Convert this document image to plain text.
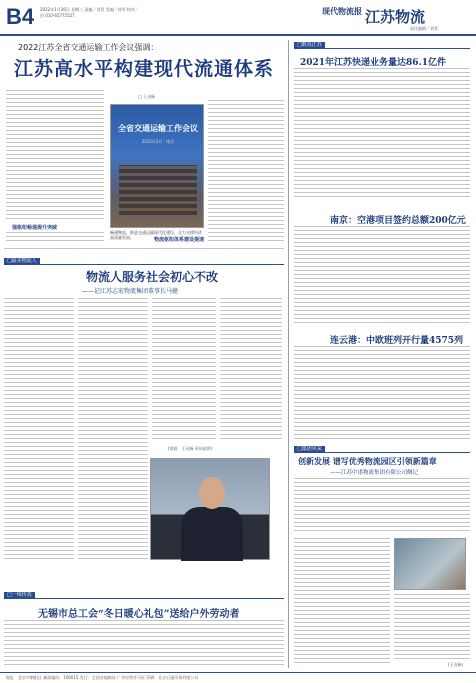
B4 2022年1月26日 星期三 责编／刘青 美编／郭雪 校对／田 010-65775527	现代物流报 江苏物流
责任编辑／刘青
2022江苏全省交通运输工作会议强调：
江苏高水平构建现代流通体系
□ 王戎畅
全省交通运输工作会议
2022年1月 · 南京
畅通物流，推进交通运输现代化建设，全力支撑经济高质量发展。
强枢纽畅通提升突破
物流枢纽体系建设提速
□最美物流人
物流人服务社会初心不改
——记江苏志宏物流集团董事长马健
(图源：王戎畅 资讯提供)
□一线传真
无锡市总工会“冬日暖心礼包”送给户外劳动者
□数说江苏
2021年江苏快递业务量达86.1亿件
南京：空港项目签约总额200亿元
连云港：中欧班列开行量4575列
□集团风采
创新发展 谱写优秀物流园区引领新篇章
——江苏中诺物流集团有限公司侧记
(王戎畅)
地址：北京市朝阳区 邮政编码：100015 发行：全国各地邮局 广告经营许可证 印刷：北京日报印务有限公司
